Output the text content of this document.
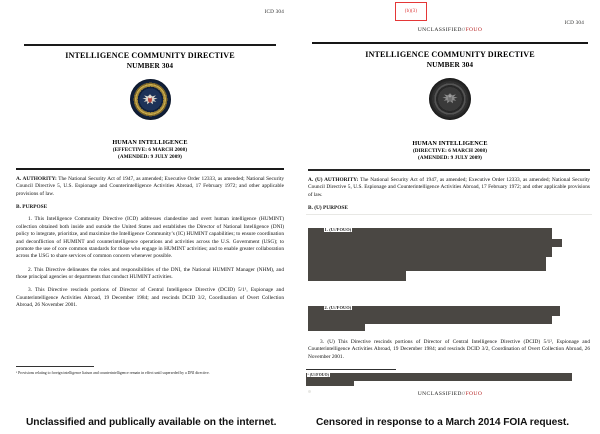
ICD 304
INTELLIGENCE COMMUNITY DIRECTIVE
NUMBER 304
HUMAN INTELLIGENCE
(EFFECTIVE: 6 MARCH 2008)
(AMENDED: 9 JULY 2009)

A. AUTHORITY: The National Security Act of 1947, as amended; Executive Order 12333, as amended; National Security Council Directive 5, U.S. Espionage and Counterintelligence Activities Abroad, 17 February 1972; and other applicable provisions of law.

B. PURPOSE

1. This Intelligence Community Directive (ICD) addresses clandestine and overt human intelligence (HUMINT) collection obtained both inside and outside the United States and establishes the Director of National Intelligence (DNI) policy to integrate, prioritize, and maximize the Intelligence Community’s (IC) HUMINT capabilities; to ensure coordination and deconfliction of HUMINT and counterintelligence operations and activities across the U.S. Government (USG); to promote the use of core common standards for those who engage in HUMINT activities; and to enable greater collaboration across the USG to share services of common concern whenever possible.

2. This Directive delineates the roles and responsibilities of the DNI, the National HUMINT Manager (NHM), and those principal agencies or departments that conduct HUMINT activities.

3. This Directive rescinds portions of Director of Central Intelligence Directive (DCID) 5/1¹, Espionage and Counterintelligence Activities Abroad, 19 December 1984; and rescinds DCID 3/2, Coordination of Overt Collection Abroad, 26 November 2001.

¹ Provisions relating to foreign intelligence liaison and counterintelligence remain in effect until superseded by a DNI directive.
(b)(3)
ICD 304
UNCLASSIFIED//FOUO
INTELLIGENCE COMMUNITY DIRECTIVE
NUMBER 304
HUMAN INTELLIGENCE
(DIRECTIVE: 6 MARCH 2008)
(AMENDED: 9 JULY 2009)

A. (U) AUTHORITY: The National Security Act of 1947, as amended; Executive Order 12333, as amended; National Security Council Directive 5, U.S. Espionage and Counterintelligence Activities Abroad, 17 February 1972; and other applicable provisions of law.

B. (U) PURPOSE

1. (U//FOUO)
2. (U//FOUO)

3. (U) This Directive rescinds portions of Director of Central Intelligence Directive (DCID) 5/1², Espionage and Counterintelligence Activities Abroad, 19 December 1984; and rescinds DCID 3/2, Coordination of Overt Collection Abroad, 26 November 2001.

¹ (U//FOUO)
UNCLASSIFIED//FOUO
Unclassified and publically available on the internet.	Censored in response to a March 2014 FOIA request.
